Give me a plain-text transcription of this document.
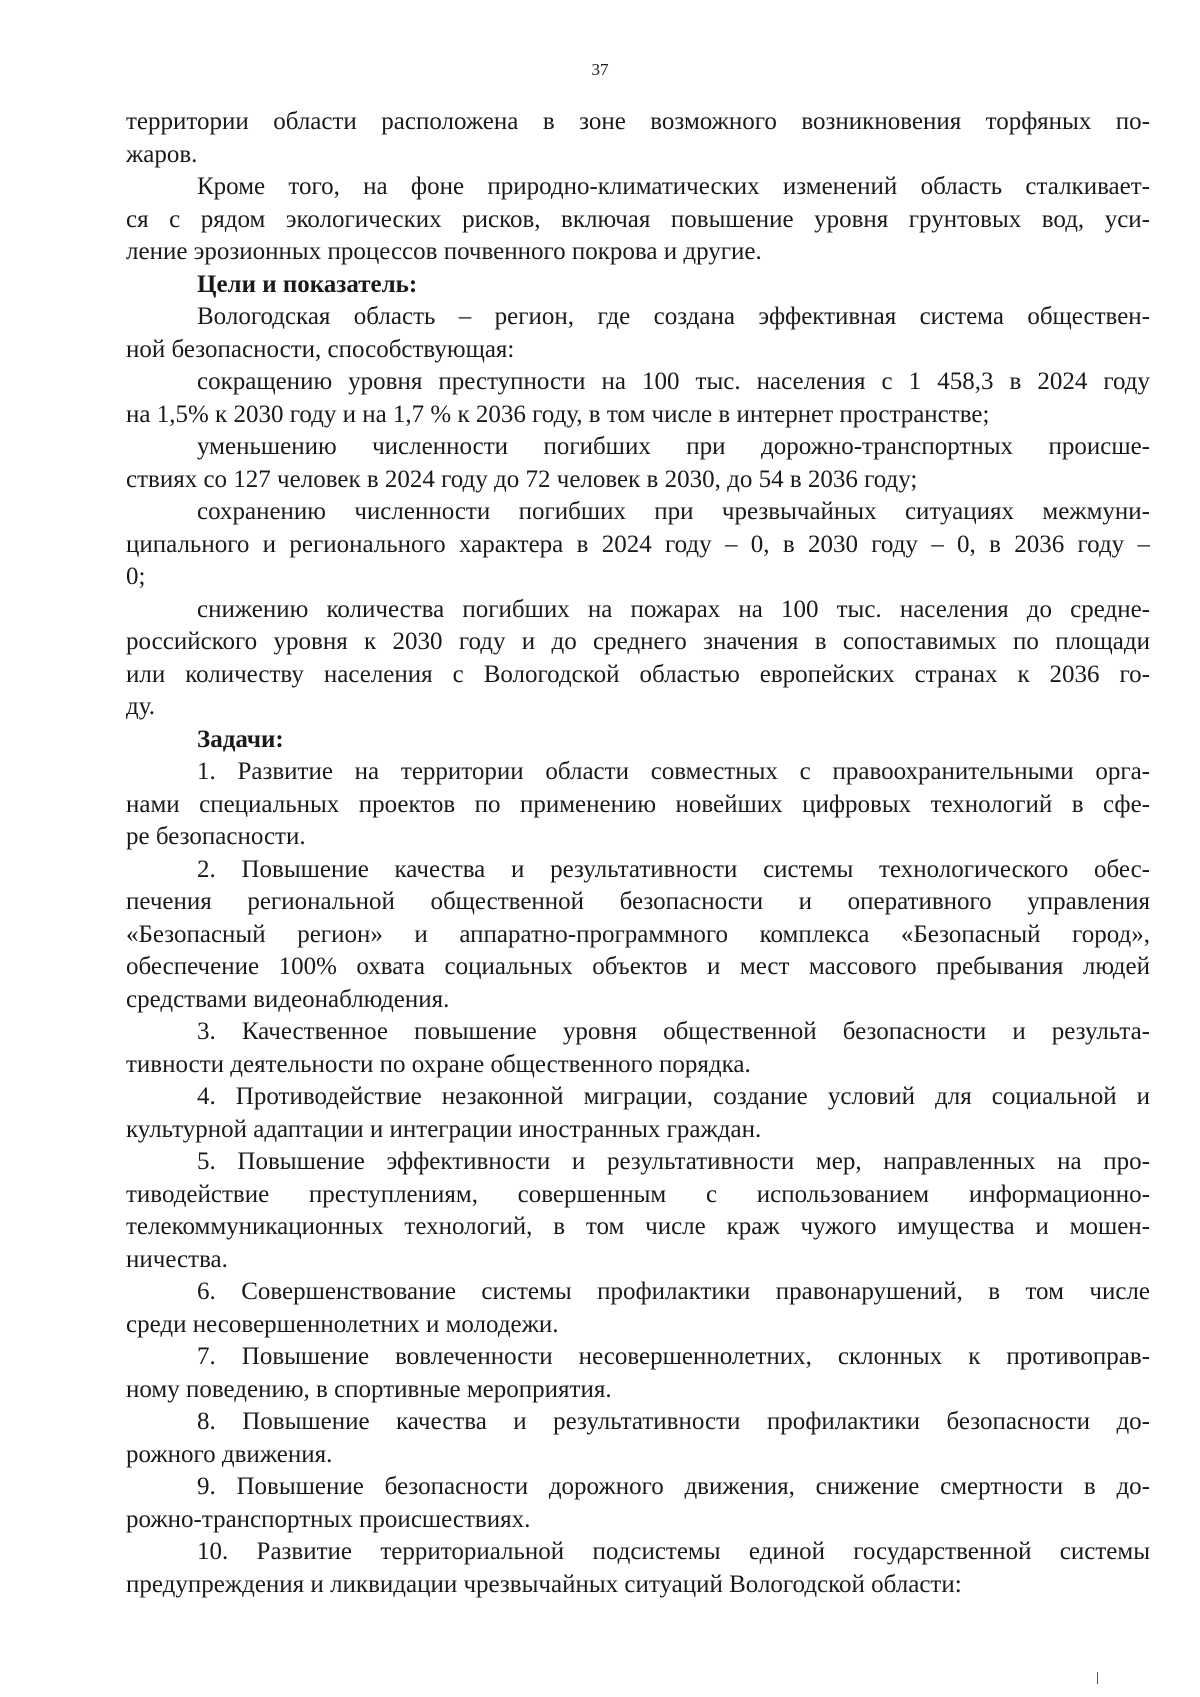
37
территории области расположена в зоне возможного возникновения торфяных по-
жаров.
Кроме того, на фоне природно-климатических изменений область сталкивает-
ся с рядом экологических рисков, включая повышение уровня грунтовых вод, уси-
ление эрозионных процессов почвенного покрова и другие.
Цели и показатель:
Вологодская область – регион, где создана эффективная система обществен-
ной безопасности, способствующая:
сокращению уровня преступности на 100 тыс. населения с 1 458,3 в 2024 году
на 1,5% к 2030 году и на 1,7 % к 2036 году, в том числе в интернет пространстве;
уменьшению численности погибших при дорожно-транспортных происше-
ствиях со 127 человек в 2024 году до 72 человек в 2030, до 54 в 2036 году;
сохранению численности погибших при чрезвычайных ситуациях межмуни-
ципального и регионального характера в 2024 году – 0, в 2030 году – 0, в 2036 году –
0;
снижению количества погибших на пожарах на 100 тыс. населения до средне-
российского уровня к 2030 году и до среднего значения в сопоставимых по площади
или количеству населения с Вологодской областью европейских странах к 2036 го-
ду.
Задачи:
1. Развитие на территории области совместных с правоохранительными орга-
нами специальных проектов по применению новейших цифровых технологий в сфе-
ре безопасности.
2. Повышение качества и результативности системы технологического обес-
печения региональной общественной безопасности и оперативного управления
«Безопасный регион» и аппаратно-программного комплекса «Безопасный город»,
обеспечение 100% охвата социальных объектов и мест массового пребывания людей
средствами видеонаблюдения.
3. Качественное повышение уровня общественной безопасности и результа-
тивности деятельности по охране общественного порядка.
4. Противодействие незаконной миграции, создание условий для социальной и
культурной адаптации и интеграции иностранных граждан.
5. Повышение эффективности и результативности мер, направленных на про-
тиводействие преступлениям, совершенным с использованием информационно-
телекоммуникационных технологий, в том числе краж чужого имущества и мошен-
ничества.
6. Совершенствование системы профилактики правонарушений, в том числе
среди несовершеннолетних и молодежи.
7. Повышение вовлеченности несовершеннолетних, склонных к противоправ-
ному поведению, в спортивные мероприятия.
8. Повышение качества и результативности профилактики безопасности до-
рожного движения.
9. Повышение безопасности дорожного движения, снижение смертности в до-
рожно-транспортных происшествиях.
10. Развитие территориальной подсистемы единой государственной системы
предупреждения и ликвидации чрезвычайных ситуаций Вологодской области:
